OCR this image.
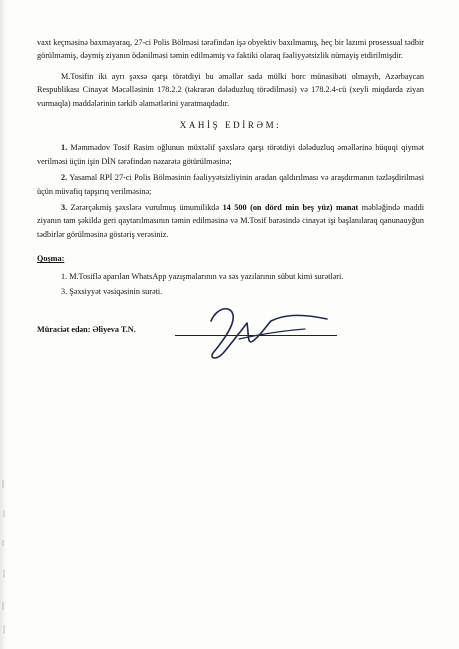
vaxt keçməsinə baxmayaraq, 27-ci Polis Bölməsi tərəfindən işə obyektiv baxılmamış, heç bir lazımi prosessual tədbir görülməmiş, dəymiş ziyanın ödənilməsi təmin edilməmiş və faktiki olaraq fəaliyyətsizlik nümayiş etdirilmişdir.

M.Tosifin iki ayrı şəxsə qarşı törətdiyi bu əməllər sadə mülki borc münasibəti olmayıb, Azərbaycan Respublikası Cinayət Məcəlləsinin 178.2.2 (təkrarən dələduzluq törədilməsi) və 178.2.4-cü (xeyli miqdarda ziyan vurmaqla) maddələrinin tərkib əlamətlərini yaratmaqdadır.

XAHİŞ EDİRƏM:

1. Məmmədov Tosif Rasim oğlunun müxtəlif şəxslərə qarşı törətdiyi dələduzluq əməllərinə hüquqi qiymət verilməsi üçün işin DİN tərəfindən nəzarətə götürülməsinə;

2. Yasamal RPİ 27-ci Polis Bölməsinin fəaliyyətsizliyinin aradan qaldırılması və araşdırmanın təzləşdirilməsi üçün müvafiq tapşırıq verilməsinə;

3. Zərərçəkmiş şəxslərə vurulmuş ümumilikdə 14 500 (on dörd min beş yüz) manat məbləğində maddi ziyanın tam şəkildə geri qaytarılmasının təmin edilməsinə və M.Tosif barəsində cinayət işi başlanılaraq qanunauyğun tədbirlər görülməsinə göstəriş verəsiniz.

Qoşma:

1. M.Tosiflə aparılan WhatsApp yazışmalarının və səs yazılarının sübut kimi surətləri.

3. Şəxsiyyət vəsiqəsinin surəti.

Müraciət edən: Əliyeva T.N.
